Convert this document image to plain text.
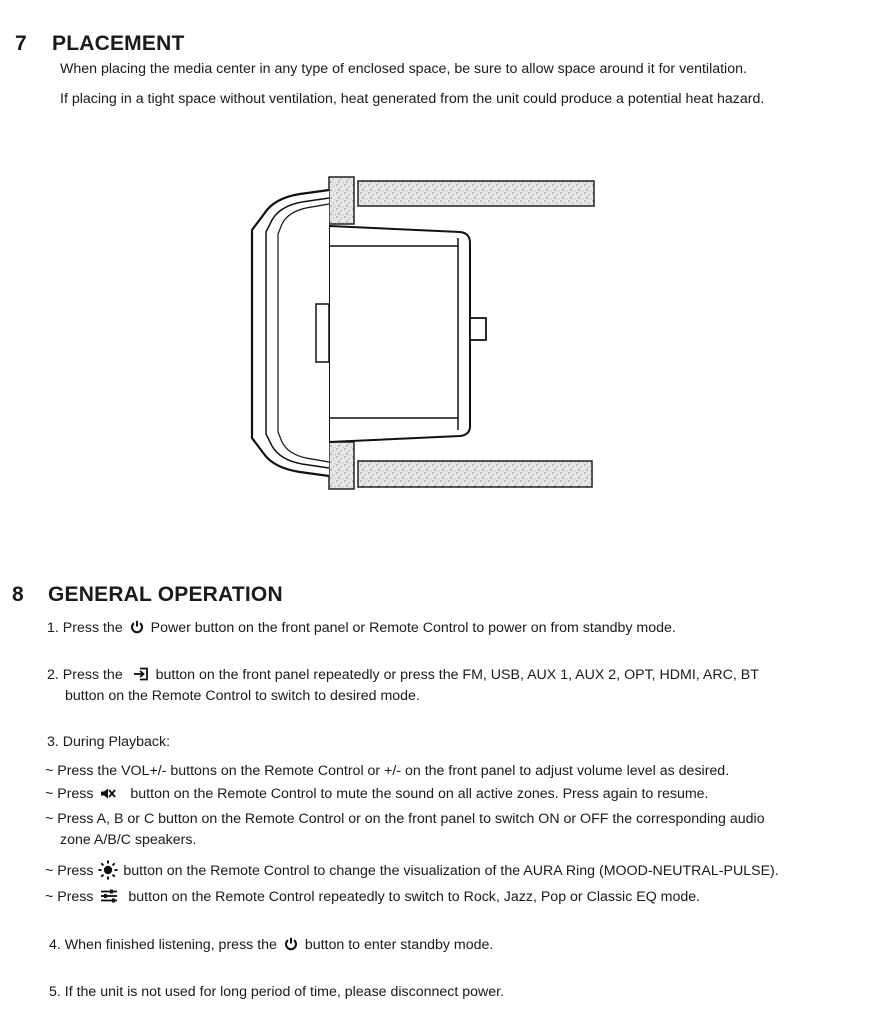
7 PLACEMENT
When placing the media center in any type of enclosed space, be sure to allow space around it for ventilation.
If placing in a tight space without ventilation, heat generated from the unit could produce a potential heat hazard.
8 GENERAL OPERATION
1. Press the Power button on the front panel or Remote Control to power on from standby mode.
2. Press the button on the front panel repeatedly or press the FM, USB, AUX 1, AUX 2, OPT, HDMI, ARC, BT
button on the Remote Control to switch to desired mode.
3. During Playback:
~ Press the VOL+/- buttons on the Remote Control or +/- on the front panel to adjust volume level as desired.
~ Press	button on the Remote Control to mute the sound on all active zones. Press again to resume.
~ Press A, B or C button on the Remote Control or on the front panel to switch ON or OFF the corresponding audio
zone A/B/C speakers.
~ Press button on the Remote Control to change the visualization of the AURA Ring (MOOD-NEUTRAL-PULSE).
~ Press button on the Remote Control repeatedly to switch to Rock, Jazz, Pop or Classic EQ mode.
4. When finished listening, press the button to enter standby mode.
5. If the unit is not used for long period of time, please disconnect power.
